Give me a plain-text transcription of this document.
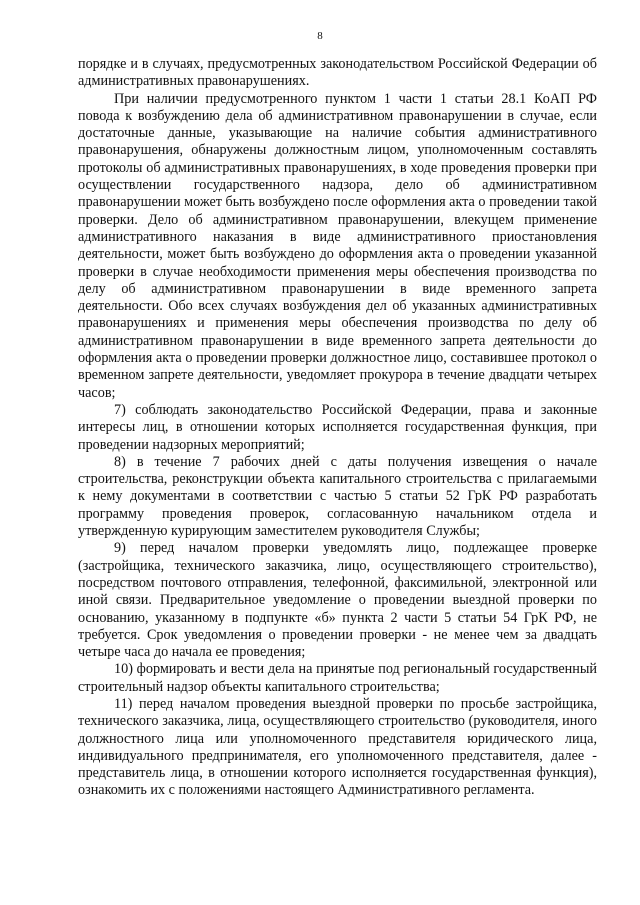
8

порядке и в случаях, предусмотренных законодательством Российской Федерации об административных правонарушениях.

При наличии предусмотренного пунктом 1 части 1 статьи 28.1 КоАП РФ повода к возбуждению дела об административном правонарушении в случае, если достаточные данные, указывающие на наличие события административного правонарушения, обнаружены должностным лицом, уполномоченным составлять протоколы об административных правонарушениях, в ходе проведения проверки при осуществлении государственного надзора, дело об административном правонарушении может быть возбуждено после оформления акта о проведении такой проверки. Дело об административном правонарушении, влекущем применение административного наказания в виде административного приостановления деятельности, может быть возбуждено до оформления акта о проведении указанной проверки в случае необходимости применения меры обеспечения производства по делу об административном правонарушении в виде временного запрета деятельности. Обо всех случаях возбуждения дел об указанных административных правонарушениях и применения меры обеспечения производства по делу об административном правонарушении в виде временного запрета деятельности до оформления акта о проведении проверки должностное лицо, составившее протокол о временном запрете деятельности, уведомляет прокурора в течение двадцати четырех часов;

7) соблюдать законодательство Российской Федерации, права и законные интересы лиц, в отношении которых исполняется государственная функция, при проведении надзорных мероприятий;

8) в течение 7 рабочих дней с даты получения извещения о начале строительства, реконструкции объекта капитального строительства с прилагаемыми к нему документами в соответствии с частью 5 статьи 52 ГрК РФ разработать программу проведения проверок, согласованную начальником отдела и утвержденную курирующим заместителем руководителя Службы;

9) перед началом проверки уведомлять лицо, подлежащее проверке (застройщика, технического заказчика, лицо, осуществляющего строительство), посредством почтового отправления, телефонной, факсимильной, электронной или иной связи. Предварительное уведомление о проведении выездной проверки по основанию, указанному в подпункте «б» пункта 2 части 5 статьи 54 ГрК РФ, не требуется. Срок уведомления о проведении проверки - не менее чем за двадцать четыре часа до начала ее проведения;

10) формировать и вести дела на принятые под региональный государственный строительный надзор объекты капитального строительства;

11) перед началом проведения выездной проверки по просьбе застройщика, технического заказчика, лица, осуществляющего строительство (руководителя, иного должностного лица или уполномоченного представителя юридического лица, индивидуального предпринимателя, его уполномоченного представителя, далее - представитель лица, в отношении которого исполняется государственная функция), ознакомить их с положениями настоящего Административного регламента.
